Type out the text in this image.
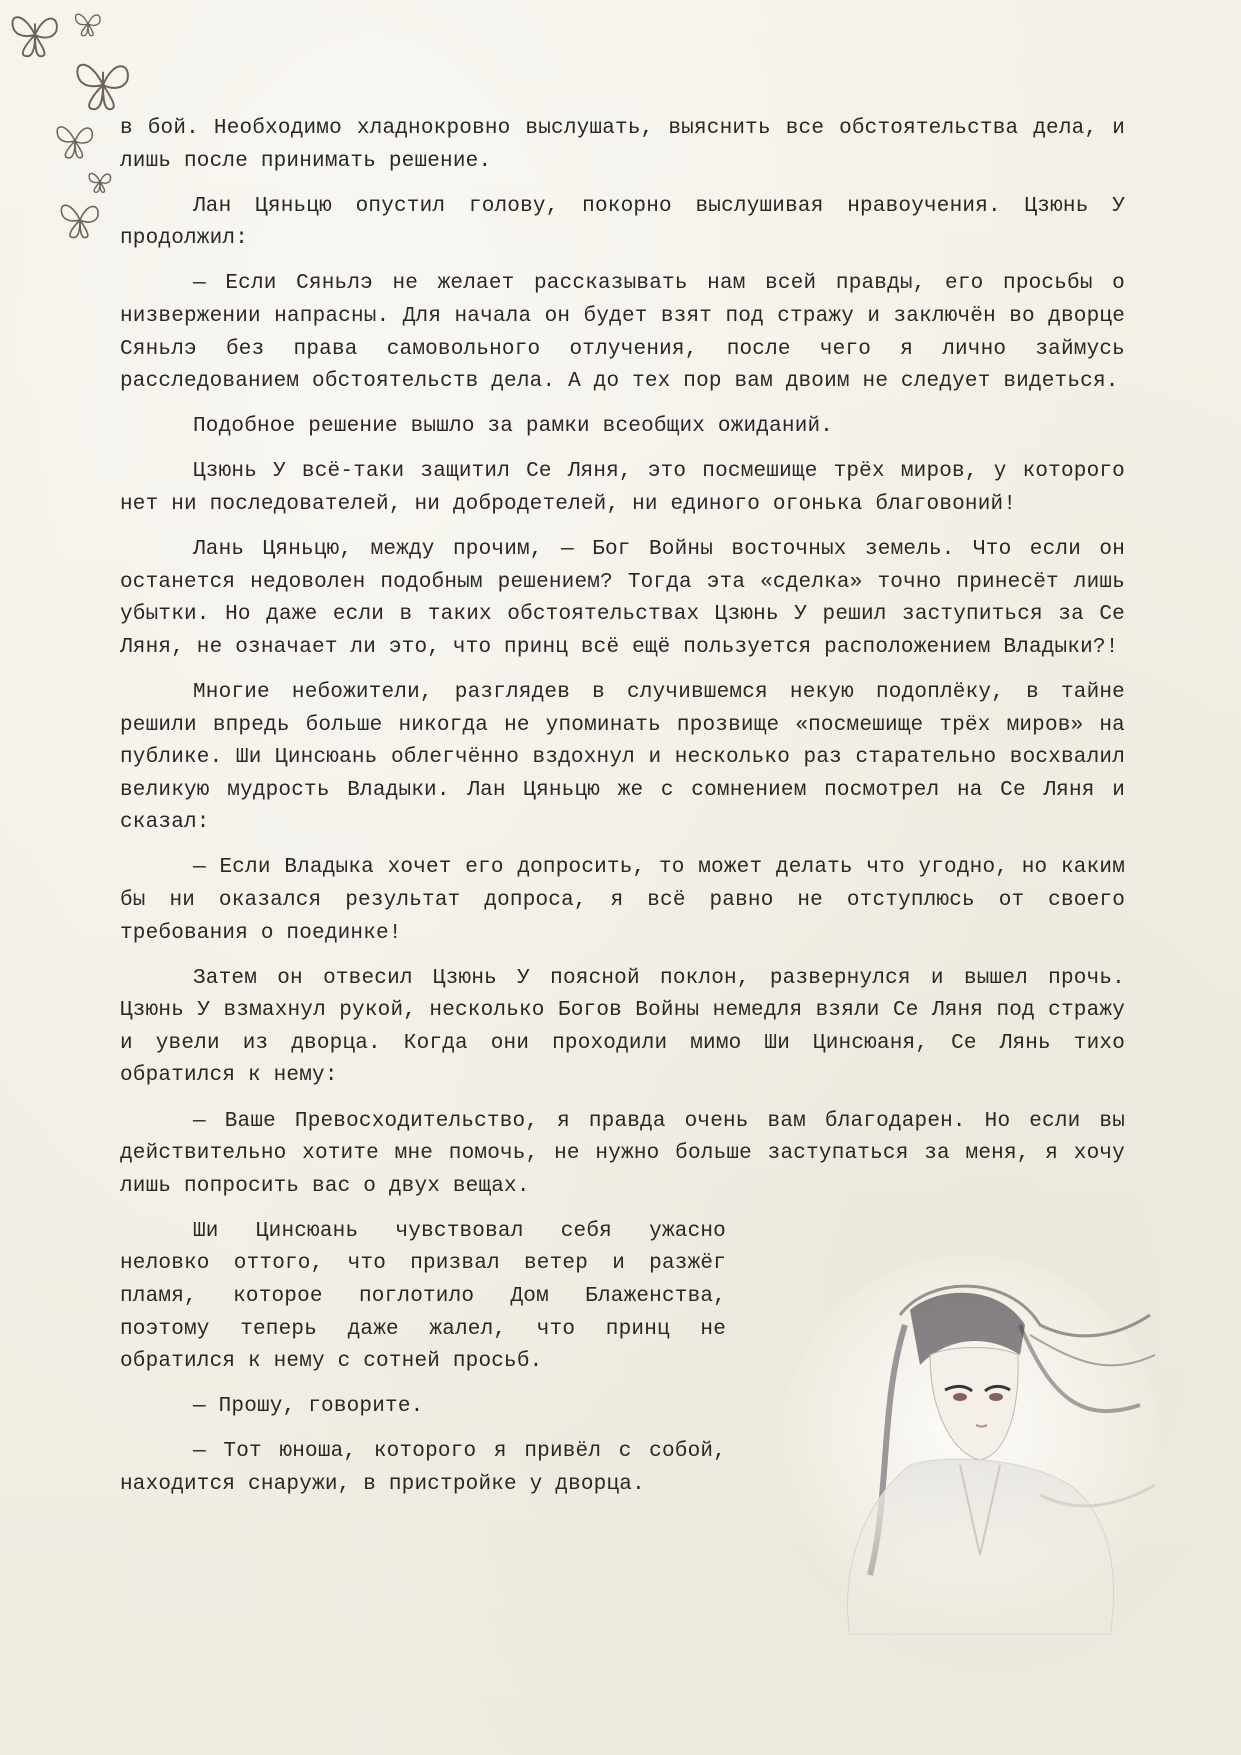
в бой. Необходимо хладнокровно выслушать, выяснить все обстоятельства дела, и лишь после принимать решение.

Лан Цяньцю опустил голову, покорно выслушивая нравоучения. Цзюнь У продолжил:

— Если Сяньлэ не желает рассказывать нам всей правды, его просьбы о низвержении напрасны. Для начала он будет взят под стражу и заключён во дворце Сяньлэ без права самовольного отлучения, после чего я лично займусь расследованием обстоятельств дела. А до тех пор вам двоим не следует видеться.

Подобное решение вышло за рамки всеобщих ожиданий.

Цзюнь У всё-таки защитил Се Ляня, это посмешище трёх миров, у которого нет ни последователей, ни добродетелей, ни единого огонька благовоний!

Лань Цяньцю, между прочим, — Бог Войны восточных земель. Что если он останется недоволен подобным решением? Тогда эта «сделка» точно принесёт лишь убытки. Но даже если в таких обстоятельствах Цзюнь У решил заступиться за Се Ляня, не означает ли это, что принц всё ещё пользуется расположением Владыки?!

Многие небожители, разглядев в случившемся некую подоплёку, в тайне решили впредь больше никогда не упоминать прозвище «посмешище трёх миров» на публике. Ши Цинсюань облегчённо вздохнул и несколько раз старательно восхвалил великую мудрость Владыки. Лан Цяньцю же с сомнением посмотрел на Се Ляня и сказал:

— Если Владыка хочет его допросить, то может делать что угодно, но каким бы ни оказался результат допроса, я всё равно не отступлюсь от своего требования о поединке!

Затем он отвесил Цзюнь У поясной поклон, развернулся и вышел прочь. Цзюнь У взмахнул рукой, несколько Богов Войны немедля взяли Се Ляня под стражу и увели из дворца. Когда они проходили мимо Ши Цинсюаня, Се Лянь тихо обратился к нему:

— Ваше Превосходительство, я правда очень вам благодарен. Но если вы действительно хотите мне помочь, не нужно больше заступаться за меня, я хочу лишь попросить вас о двух вещах.

Ши Цинсюань чувствовал себя ужасно неловко оттого, что призвал ветер и разжёг пламя, которое поглотило Дом Блаженства, поэтому теперь даже жалел, что принц не обратился к нему с сотней просьб.

— Прошу, говорите.

— Тот юноша, которого я привёл с собой, находится снаружи, в пристройке у дворца.
